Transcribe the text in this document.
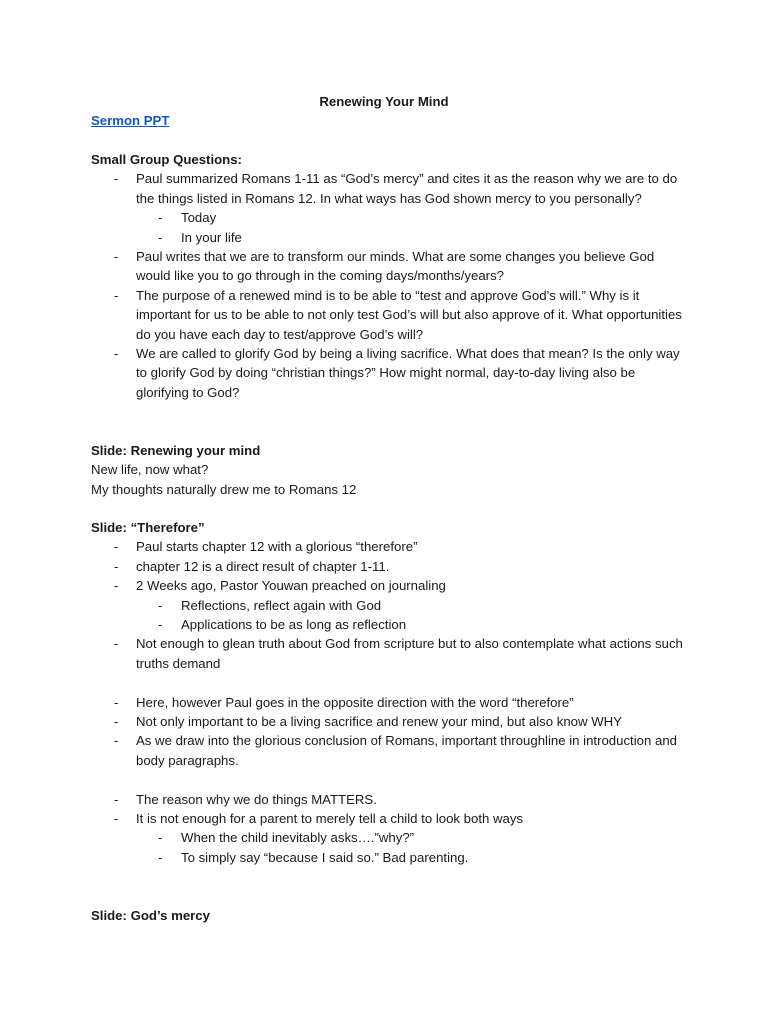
Renewing Your Mind
Sermon PPT

Small Group Questions:

- Paul summarized Romans 1-11 as “God’s mercy” and cites it as the reason why we are to do the things listed in Romans 12. In what ways has God shown mercy to you personally?
- Today
- In your life
- Paul writes that we are to transform our minds. What are some changes you believe God would like you to go through in the coming days/months/years?
- The purpose of a renewed mind is to be able to “test and approve God’s will.” Why is it important for us to be able to not only test God’s will but also approve of it. What opportunities do you have each day to test/approve God’s will?
- We are called to glorify God by being a living sacrifice. What does that mean? Is the only way to glorify God by doing “christian things?” How might normal, day-to-day living also be glorifying to God?

Slide: Renewing your mind

New life, now what?

My thoughts naturally drew me to Romans 12

Slide: “Therefore”

- Paul starts chapter 12 with a glorious “therefore”
- chapter 12 is a direct result of chapter 1-11.
- 2 Weeks ago, Pastor Youwan preached on journaling
- Reflections, reflect again with God
- Applications to be as long as reflection
- Not enough to glean truth about God from scripture but to also contemplate what actions such truths demand
- Here, however Paul goes in the opposite direction with the word “therefore”
- Not only important to be a living sacrifice and renew your mind, but also know WHY
- As we draw into the glorious conclusion of Romans, important throughline in introduction and body paragraphs.
- The reason why we do things MATTERS.
- It is not enough for a parent to merely tell a child to look both ways
- When the child inevitably asks….”why?”
- To simply say “because I said so.” Bad parenting.

Slide: God’s mercy
